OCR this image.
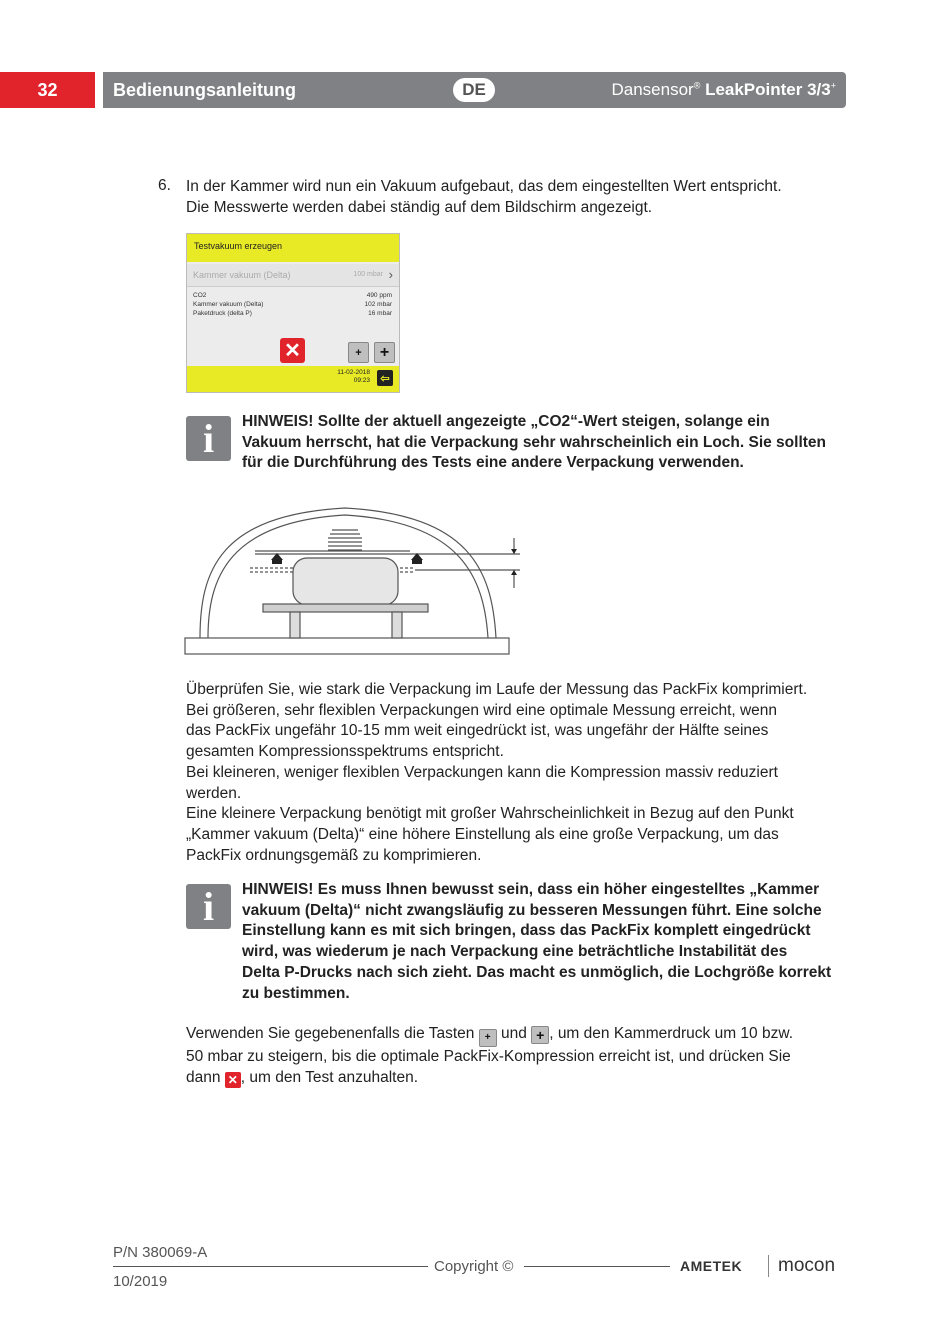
32	Bedienungsanleitung	DE	Dansensor® LeakPointer 3/3+
6. In der Kammer wird nun ein Vakuum aufgebaut, das dem eingestellten Wert entspricht.
Die Messwerte werden dabei ständig auf dem Bildschirm angezeigt.
Testvakuum erzeugen
Kammer vakuum (Delta)	100 mbar ›
CO2	490 ppm
Kammer vakuum (Delta)	102 mbar
Paketdruck (delta P)	16 mbar
✕	+ +
11-02-2018
09:23 ⇦
i	HINWEIS! Sollte der aktuell angezeigte „CO2“-Wert steigen, solange ein
Vakuum herrscht, hat die Verpackung sehr wahrscheinlich ein Loch. Sie sollten
für die Durchführung des Tests eine andere Verpackung verwenden.
Überprüfen Sie, wie stark die Verpackung im Laufe der Messung das PackFix komprimiert.
Bei größeren, sehr flexiblen Verpackungen wird eine optimale Messung erreicht, wenn
das PackFix ungefähr 10-15 mm weit eingedrückt ist, was ungefähr der Hälfte seines
gesamten Kompressionsspektrums entspricht.
Bei kleineren, weniger flexiblen Verpackungen kann die Kompression massiv reduziert
werden.
Eine kleinere Verpackung benötigt mit großer Wahrscheinlichkeit in Bezug auf den Punkt
„Kammer vakuum (Delta)“ eine höhere Einstellung als eine große Verpackung, um das
PackFix ordnungsgemäß zu komprimieren.
i	HINWEIS! Es muss Ihnen bewusst sein, dass ein höher eingestelltes „Kammer
vakuum (Delta)“ nicht zwangsläufig zu besseren Messungen führt. Eine solche
Einstellung kann es mit sich bringen, dass das PackFix komplett eingedrückt
wird, was wiederum je nach Verpackung eine beträchtliche Instabilität des
Delta P-Drucks nach sich zieht. Das macht es unmöglich, die Lochgröße korrekt
zu bestimmen.
Verwenden Sie gegebenenfalls die Tasten + und + , um den Kammerdruck um 10 bzw.
50 mbar zu steigern, bis die optimale PackFix-Kompression erreicht ist, und drücken Sie
dann ✕ , um den Test anzuhalten.
P/N 380069-A
10/2019
Copyright ©	AMETEK mocon
